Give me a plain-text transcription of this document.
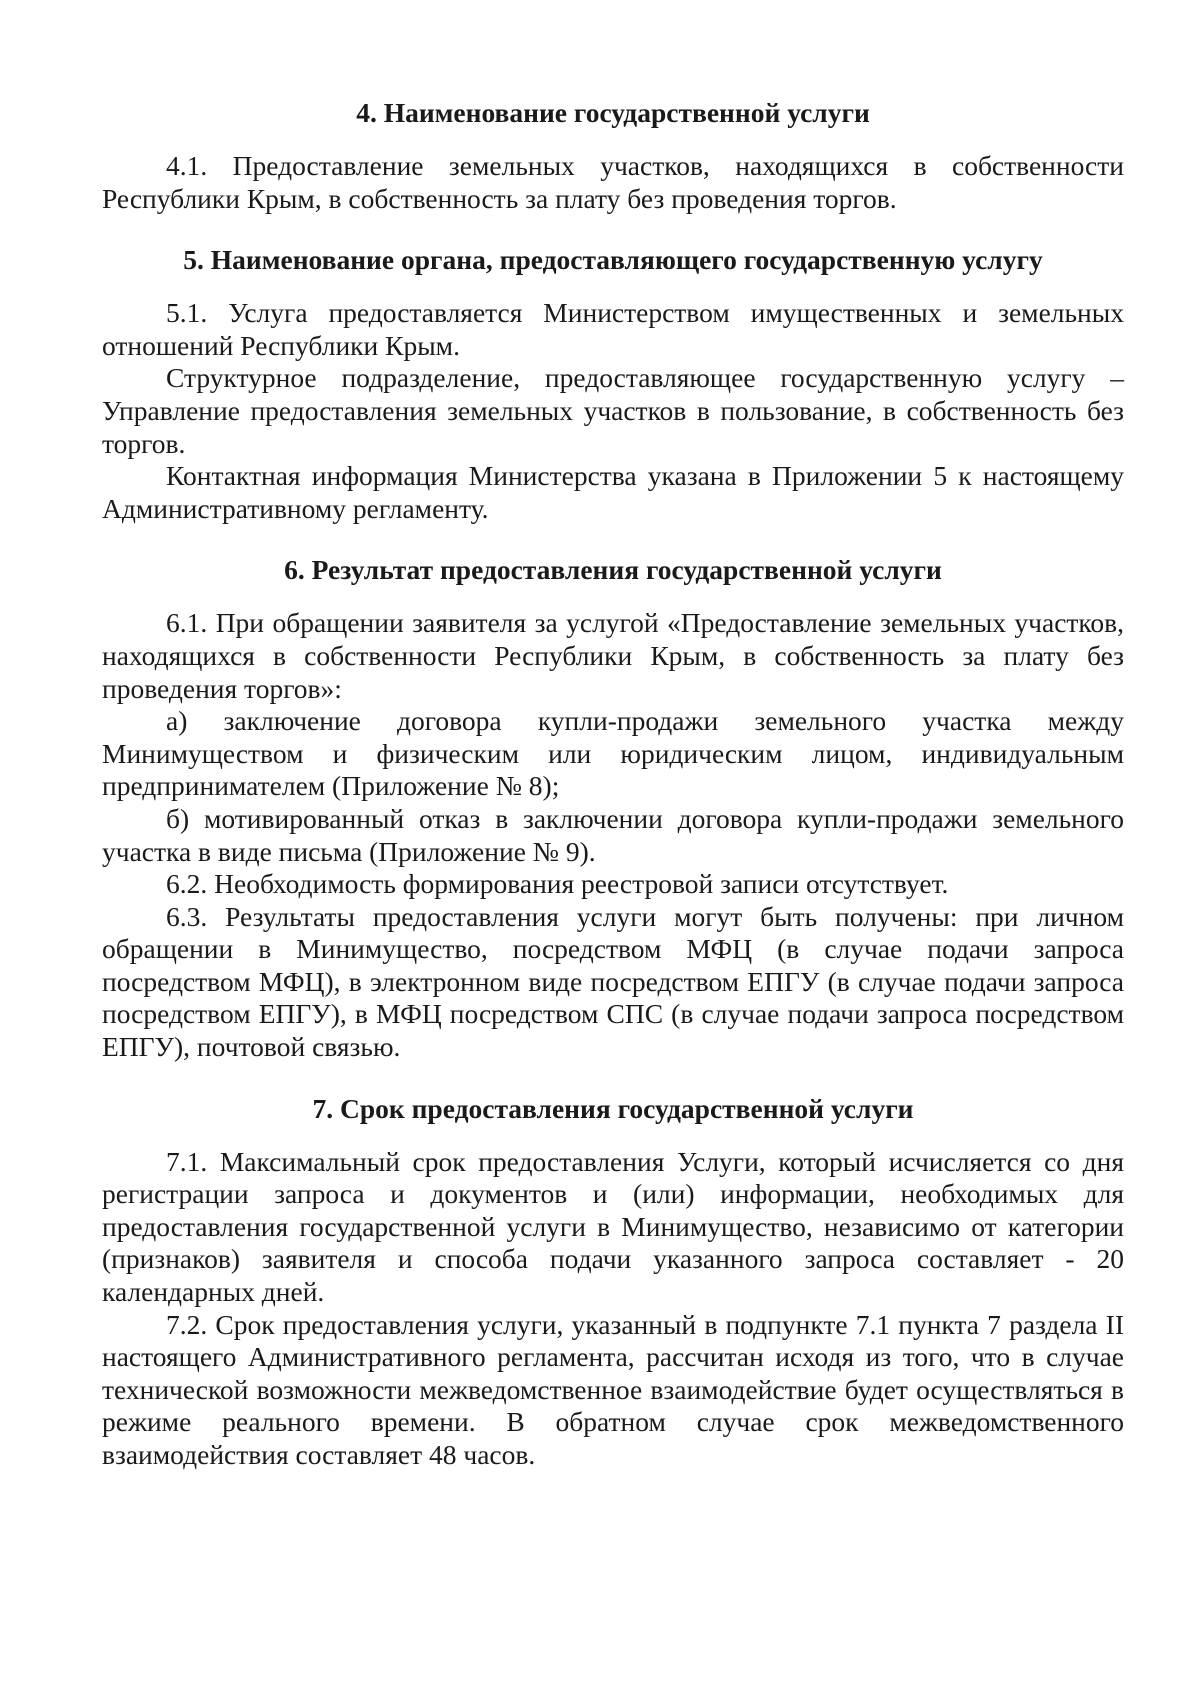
4. Наименование государственной услуги

4.1. Предоставление земельных участков, находящихся в собственности Республики Крым, в собственность за плату без проведения торгов.

5. Наименование органа, предоставляющего государственную услугу

5.1. Услуга предоставляется Министерством имущественных и земельных отношений Республики Крым.

Структурное подразделение, предоставляющее государственную услугу – Управление предоставления земельных участков в пользование, в собственность без торгов.

Контактная информация Министерства указана в Приложении 5 к настоящему Административному регламенту.

6. Результат предоставления государственной услуги

6.1. При обращении заявителя за услугой «Предоставление земельных участков, находящихся в собственности Республики Крым, в собственность за плату без проведения торгов»:

а) заключение договора купли-продажи земельного участка между Минимуществом и физическим или юридическим лицом, индивидуальным предпринимателем (Приложение № 8);

б) мотивированный отказ в заключении договора купли-продажи земельного участка в виде письма (Приложение № 9).

6.2. Необходимость формирования реестровой записи отсутствует.

6.3. Результаты предоставления услуги могут быть получены: при личном обращении в Минимущество, посредством МФЦ (в случае подачи запроса посредством МФЦ), в электронном виде посредством ЕПГУ (в случае подачи запроса посредством ЕПГУ), в МФЦ посредством СПС (в случае подачи запроса посредством ЕПГУ), почтовой связью.

7. Срок предоставления государственной услуги

7.1. Максимальный срок предоставления Услуги, который исчисляется со дня регистрации запроса и документов и (или) информации, необходимых для предоставления государственной услуги в Минимущество, независимо от категории (признаков) заявителя и способа подачи указанного запроса составляет - 20 календарных дней.

7.2. Срок предоставления услуги, указанный в подпункте 7.1 пункта 7 раздела II настоящего Административного регламента, рассчитан исходя из того, что в случае технической возможности межведомственное взаимодействие будет осуществляться в режиме реального времени. В обратном случае срок межведомственного взаимодействия составляет 48 часов.
